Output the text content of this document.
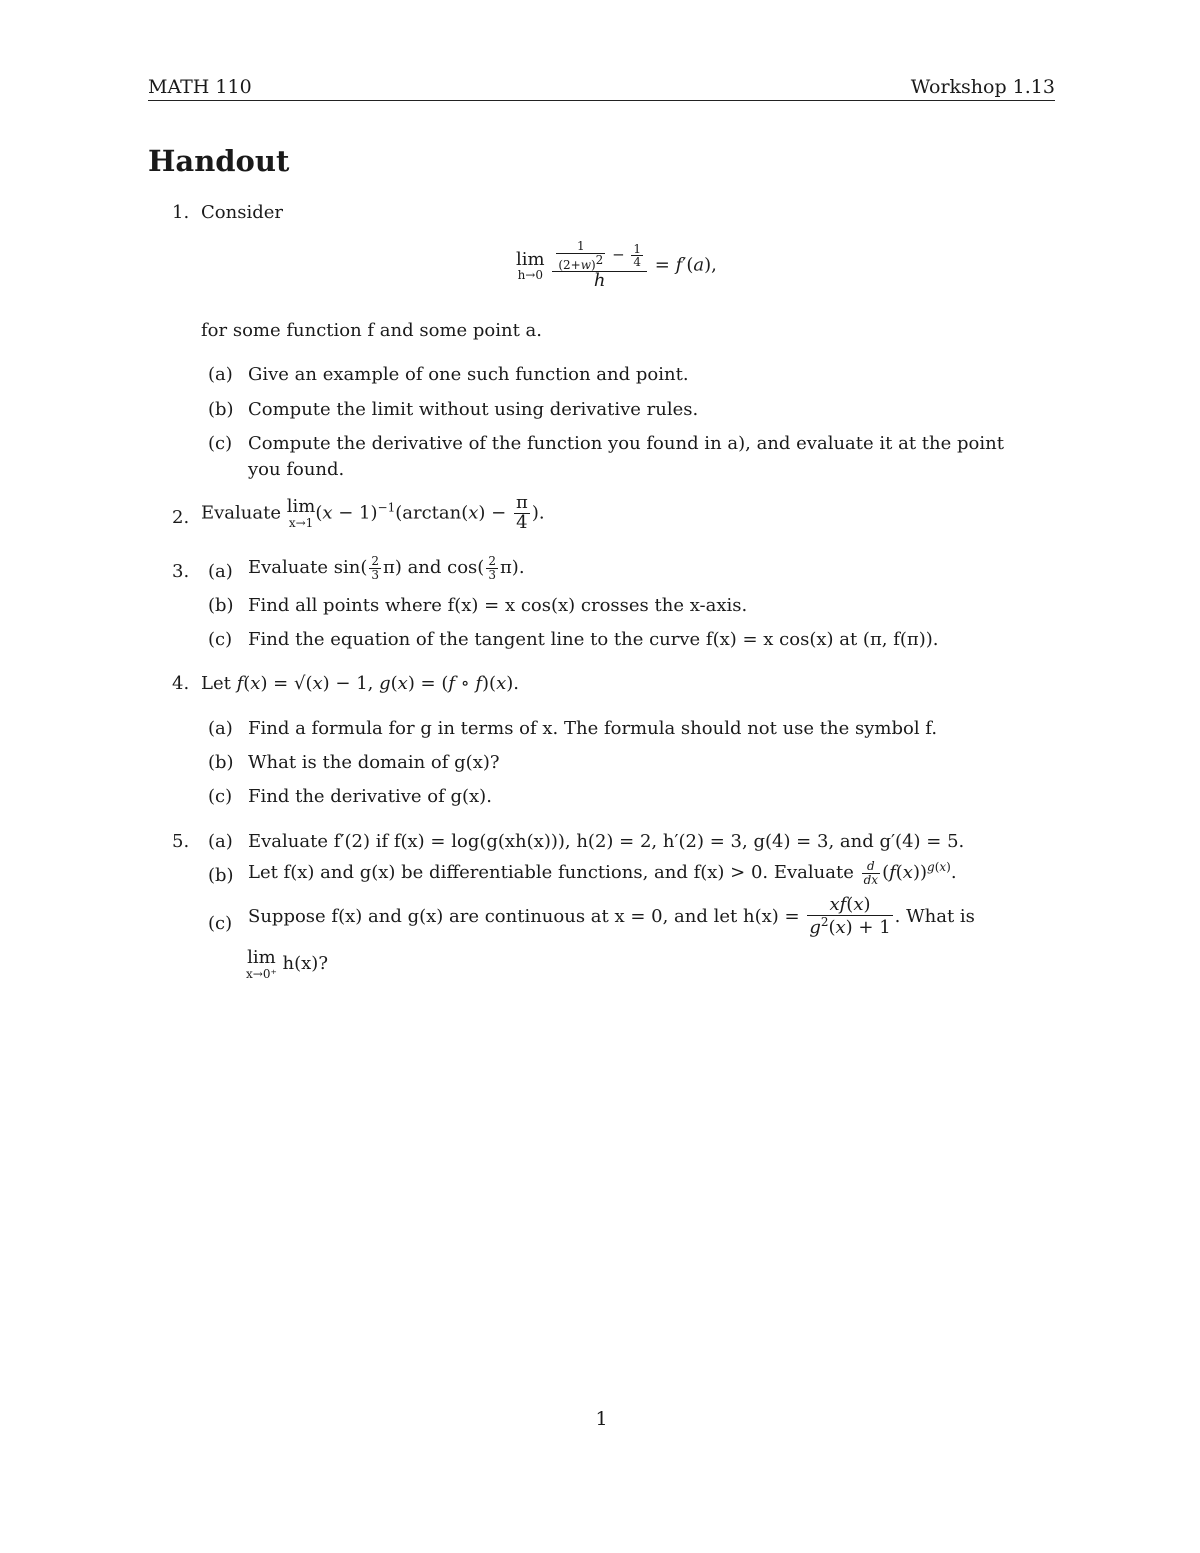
MATH 110	Workshop 1.13
Handout
1. Consider
lim
h→0
$\frac{\frac{1}{(2+w)^2} - \frac{1}{4}}{h} = f'(a)$,
for some function f and some point a.
(a) Give an example of one such function and point.
(b) Compute the limit without using derivative rules.
(c) Compute the derivative of the function you found in a), and evaluate it at the point
you found.
2. Evaluate lim
x→1 $(x - 1)^{-1}(\arctan(x) - \frac{\pi}{4}$ ).
3. (a) Evaluate $\sin( \frac{2}{3} \pi)$ and $\cos( \frac{2}{3} \pi)$.
(b) Find all points where f(x) = x cos(x) crosses the x-axis.
(c) Find the equation of the tangent line to the curve f(x) = x cos(x) at (π, f(π)).
4. Let f(x) = √(x) − 1, g(x) = (f ∘ f)(x).
(a) Find a formula for g in terms of x. The formula should not use the symbol f.
(b) What is the domain of g(x)?
(c) Find the derivative of g(x).
5. (a) Evaluate f′(2) if f(x) = log(g(xh(x))), h(2) = 2, h′(2) = 3, g(4) = 3, and g′(4) = 5.
(b) Let f(x) and g(x) be differentiable functions, and f(x) > 0. Evaluate $\frac{d}{dx} (f(x))^{g(x)}$.
(c) Suppose f(x) and g(x) are continuous at x = 0, and let $h(x) = \frac{xf(x)}{g^2(x) + 1}$ . What is
lim
x→0⁺ h(x)?
1
